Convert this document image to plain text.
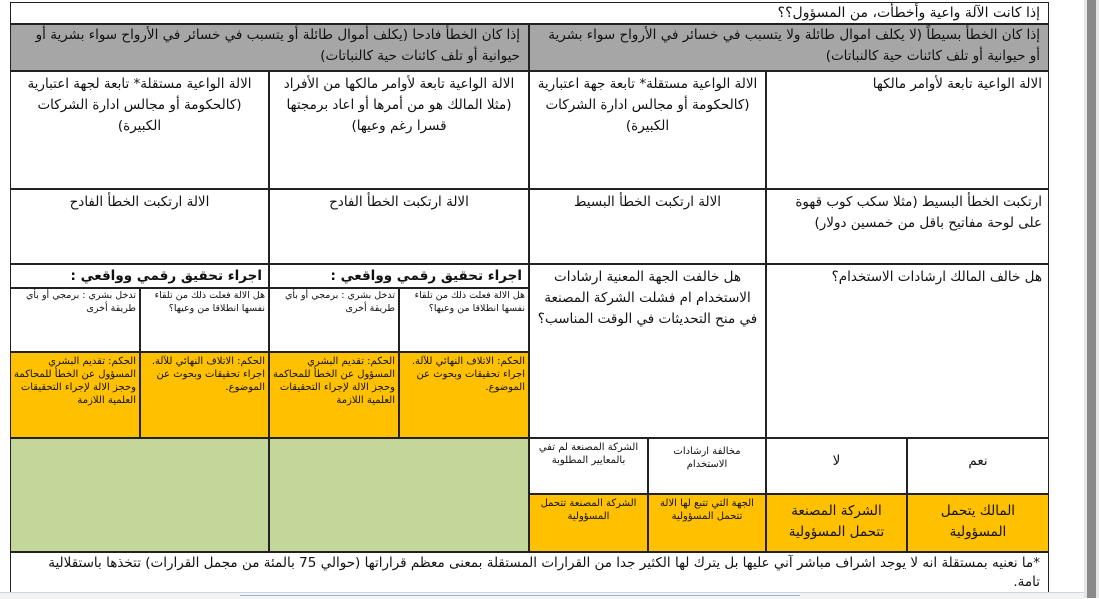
إذا كانت الآلة واعية وأخطأت، من المسؤول؟؟
إذا كان الخطأ بسيطاً (لا يكلف اموال طائلة ولا يتسبب في خسائر في الأرواح سواء بشرية أو حيوانية أو تلف كائنات حية كالنباتات)
إذا كان الخطأ فادحا (يكلف أموال طائلة أو يتسبب في خسائر في الأرواح سواء بشرية أو حيوانية أو تلف كائنات حية كالنباتات)
الالة الواعية تابعة لأوامر مالكها
الالة الواعية مستقلة* تابعة جهة اعتبارية (كالحكومة أو مجالس ادارة الشركات الكبيرة)
الالة الواعية تابعة لأوامر مالكها من الأفراد (مثلا المالك هو من أمرها أو اعاد برمجتها قسرا رغم وعيها)
الالة الواعية مستقلة* تابعة لجهة اعتبارية (كالحكومة أو مجالس ادارة الشركات الكبيرة)
ارتكبت الخطأ البسيط (مثلا سكب كوب قهوة على لوحة مفاتيح باقل من خمسين دولار)
الالة ارتكبت الخطأ البسيط
الالة ارتكبت الخطأ الفادح
الالة ارتكبت الخطأ الفادح
هل خالف المالك ارشادات الاستخدام؟
هل خالفت الجهة المعنية ارشادات الاستخدام ام فشلت الشركة المصنعة في منح التحديثات في الوقت المناسب؟
اجراء تحقيق رقمي وواقعي :
هل الالة فعلت ذلك من تلقاء نفسها انطلاقا من وعيها؟
تدخل بشري : برمجي أو بأي طريقة أخرى
الحكم: الاتلاف النهائي للآلة. اجراء تحقيقات وبحوث عن الموضوع.
الحكم: تقديم البشري المسؤول عن الخطأ للمحاكمة وحجز الالة لإجراء التحقيقات العلمية اللازمة
اجراء تحقيق رقمي وواقعي :
هل الالة فعلت ذلك من تلقاء نفسها انطلاقا من وعيها؟
تدخل بشري : برمجي أو بأي طريقة أخرى
الحكم: الاتلاف النهائي للآلة. اجراء تحقيقات وبحوث عن الموضوع.
الحكم: تقديم البشري المسؤول عن الخطأ للمحاكمة وحجز الالة لإجراء التحقيقات العلمية اللازمة
نعم
لا
مخالفة ارشادات الاستخدام
الشركة المصنعة لم تفي بالمعايير المطلوبة
المالك يتحمل المسؤولية
الشركة المصنعة تتحمل المسؤولية
الجهة التي تتبع لها الالة تتحمل المسؤولية
الشركة المصنعة تتحمل المسؤولية
*ما نعنيه بمستقلة انه لا يوجد اشراف مباشر آني عليها بل يترك لها الكثير جدا من القرارات المستقلة بمعنى معظم قراراتها (حوالي 75 بالمئة من مجمل القرارات) تتخذها باستقلالية تامة.
